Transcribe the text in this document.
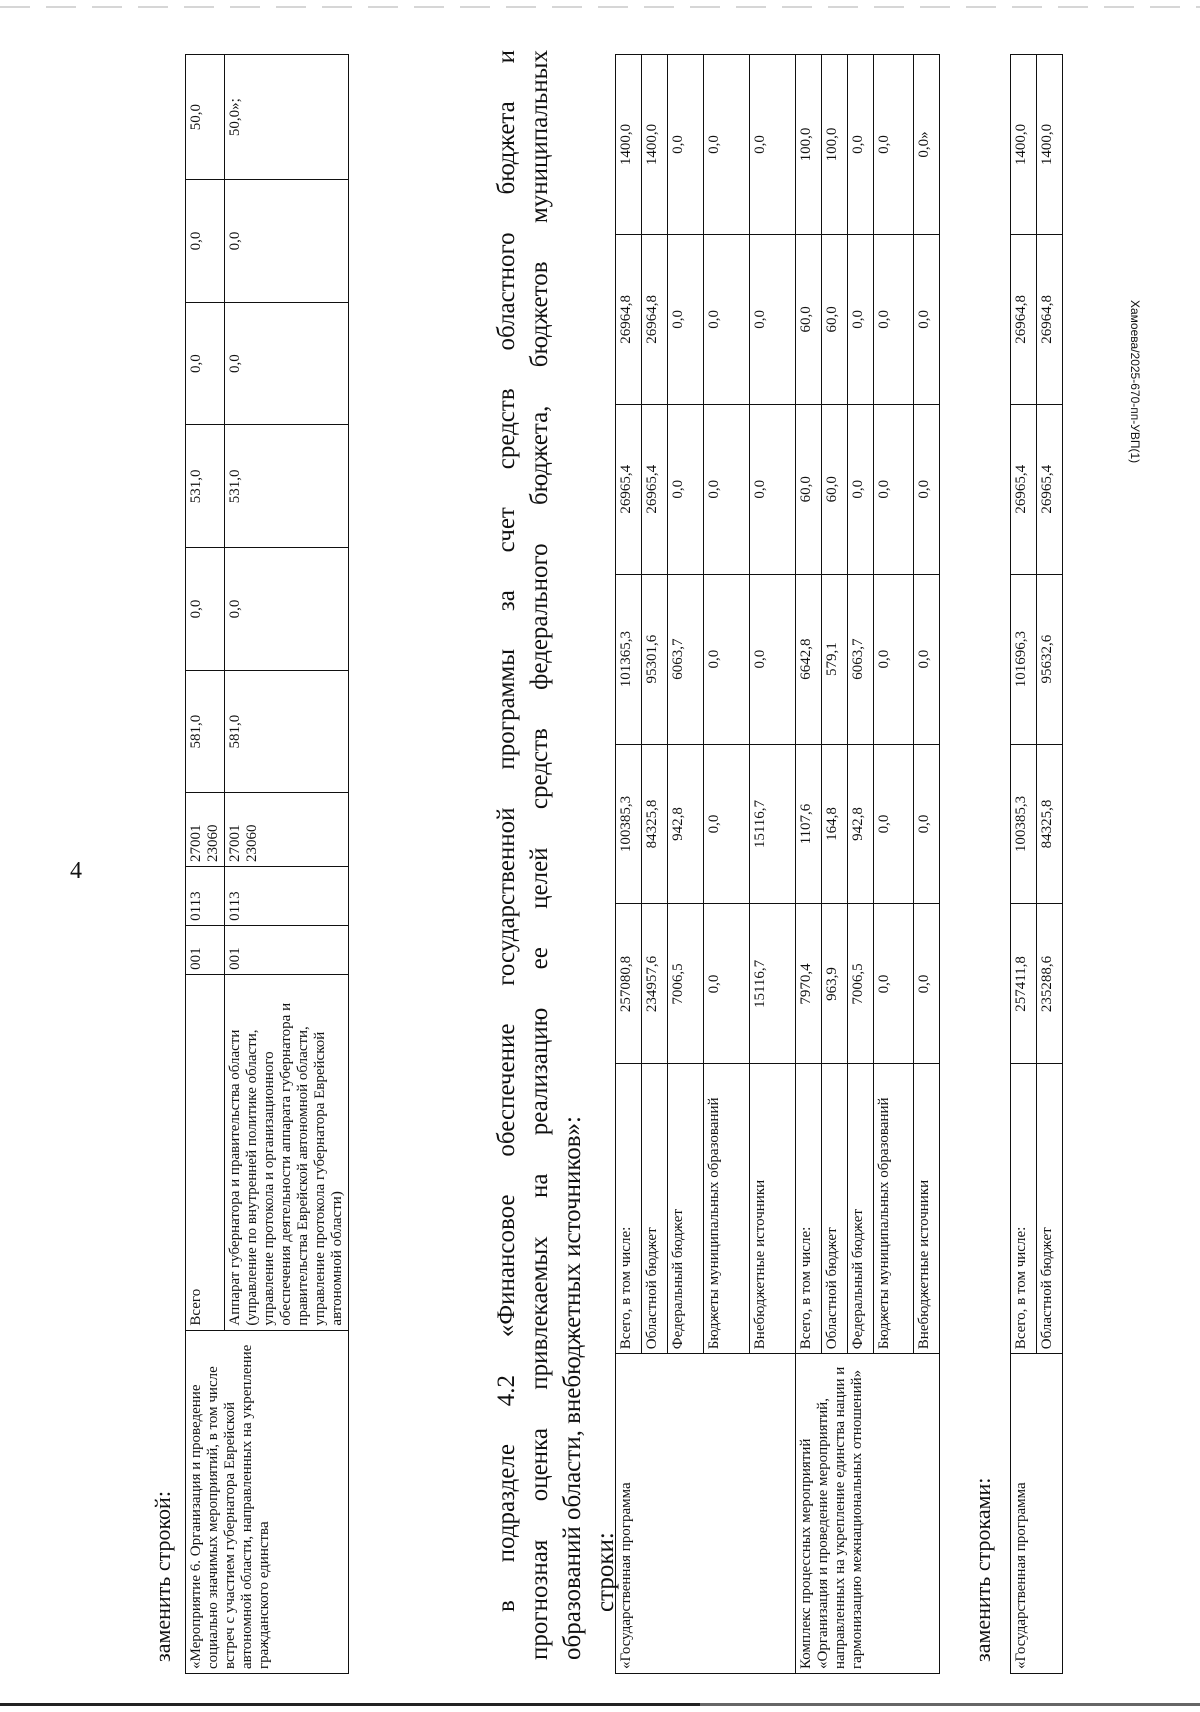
4
Хамоева/2025-670-пп-УВП(1)
заменить строкой: «Мероприятие 6. Организация и проведение социально значимых мероприятий, в том числе встреч с участием губернатора Еврейской автономной области, направленных на укрепление гражданского единства	Всего	001	0113	27001 23060	581,0	0,0	531,0	0,0	0,0	50,0
	Аппарат губернатора и правительства области (управление по внутренней политике области, управление протокола и организационного обеспечения деятельности аппарата губернатора и правительства Еврейской автономной области, управление протокола губернатора Еврейской автономной области)	001	0113	27001 23060	581,0	0,0	531,0	0,0	0,0	50,0»;
в
подразделе
4.2
«Финансовое
обеспечение
государственной
программы
за
счет
средств
областного
бюджета
и
прогнозная
оценка
привлекаемых
на
реализацию
ее
целей
средств
федерального
бюджета,
бюджетов
муниципальных
образований области, внебюджетных источников»: строки: «Государственная программа	Всего, в том числе:	257080,8	100385,3	101365,3	26965,4	26964,8	1400,0
	Областной бюджет	234957,6	84325,8	95301,6	26965,4	26964,8	1400,0
	Федеральный бюджет	7006,5	942,8	6063,7	0,0	0,0	0,0
	Бюджеты муниципальных образований	0,0	0,0	0,0	0,0	0,0	0,0
	Внебюджетные источники	15116,7	15116,7	0,0	0,0	0,0	0,0
Комплекс процессных мероприятий «Организация и проведение мероприятий, направленных на укрепление единства нации и гармонизацию межнациональных отношений»	Всего, в том числе:	7970,4	1107,6	6642,8	60,0	60,0	100,0
	Областной бюджет	963,9	164,8	579,1	60,0	60,0	100,0
	Федеральный бюджет	7006,5	942,8	6063,7	0,0	0,0	0,0
	Бюджеты муниципальных образований	0,0	0,0	0,0	0,0	0,0	0,0
	Внебюджетные источники	0,0	0,0	0,0	0,0	0,0	0,0»
заменить строками: «Государственная программа	Всего, в том числе:	257411,8	100385,3	101696,3	26965,4	26964,8	1400,0
	Областной бюджет	235288,6	84325,8	95632,6	26965,4	26964,8	1400,0
